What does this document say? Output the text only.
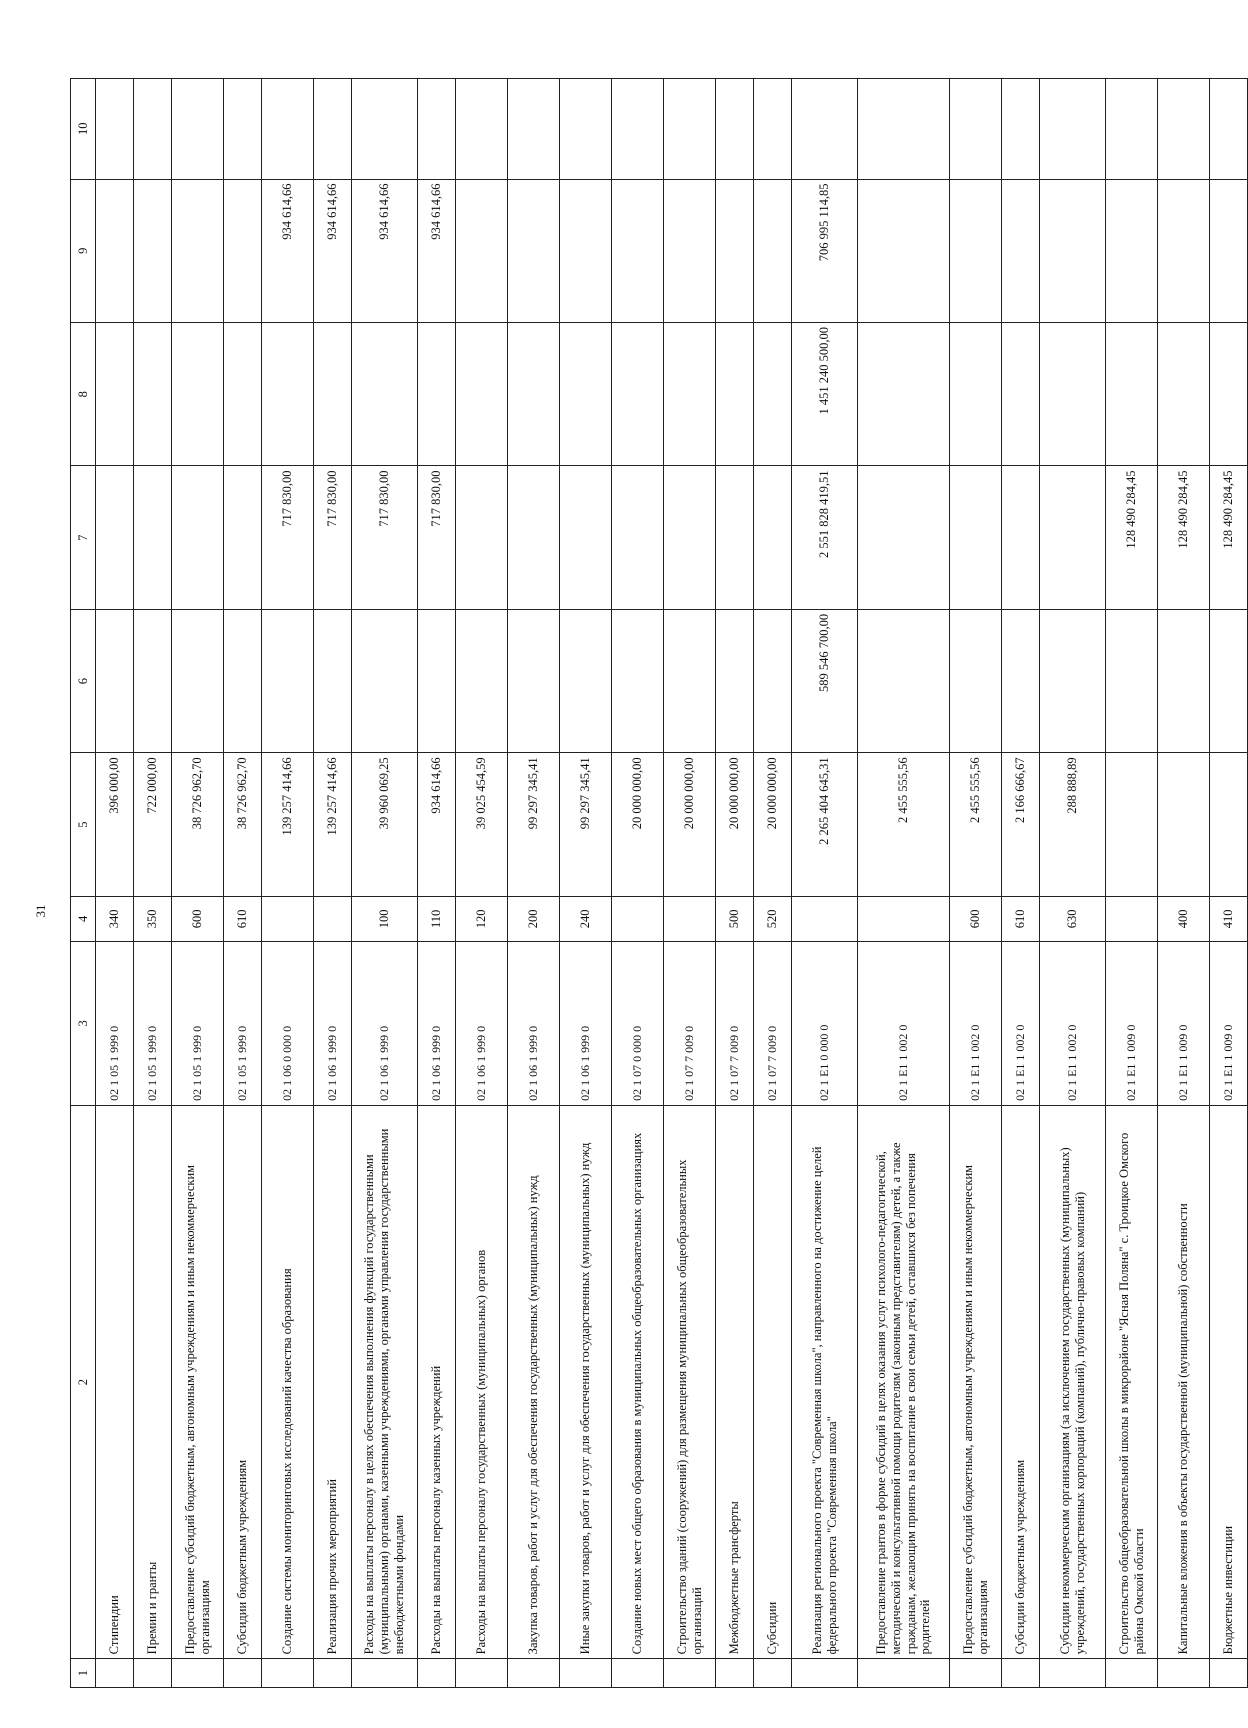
31
1	2	3	4	5	6	7	8	9	10
	Стипендии	02 1 05 1 999 0	340	396 000,00					
	Премии и гранты	02 1 05 1 999 0	350	722 000,00					
	Предоставление субсидий бюджетным, автономным учреждениям и иным некоммерческим организациям	02 1 05 1 999 0	600	38 726 962,70					
	Субсидии бюджетным учреждениям	02 1 05 1 999 0	610	38 726 962,70					
	Создание системы мониторинговых исследований качества образования	02 1 06 0 000 0		139 257 414,66		717 830,00		934 614,66	
	Реализация прочих мероприятий	02 1 06 1 999 0		139 257 414,66		717 830,00		934 614,66	
	Расходы на выплаты персоналу в целях обеспечения выполнения функций государственными (муниципальными) органами, казенными учреждениями, органами управления государственными внебюджетными фондами	02 1 06 1 999 0	100	39 960 069,25		717 830,00		934 614,66	
	Расходы на выплаты персоналу казенных учреждений	02 1 06 1 999 0	110	934 614,66		717 830,00		934 614,66	
	Расходы на выплаты персоналу государственных (муниципальных) органов	02 1 06 1 999 0	120	39 025 454,59					
	Закупка товаров, работ и услуг для обеспечения государственных (муниципальных) нужд	02 1 06 1 999 0	200	99 297 345,41					
	Иные закупки товаров, работ и услуг для обеспечения государственных (муниципальных) нужд	02 1 06 1 999 0	240	99 297 345,41					
	Создание новых мест общего образования в муниципальных общеобразовательных организациях	02 1 07 0 000 0		20 000 000,00					
	Строительство зданий (сооружений) для размещения муниципальных общеобразовательных организаций	02 1 07 7 009 0		20 000 000,00					
	Межбюджетные трансферты	02 1 07 7 009 0	500	20 000 000,00					
	Субсидии	02 1 07 7 009 0	520	20 000 000,00					
	Реализация регионального проекта "Современная школа", направленного на достижение целей федерального проекта "Современная школа"	02 1 E1 0 000 0		2 265 404 645,31	589 546 700,00	2 551 828 419,51	1 451 240 500,00	706 995 114,85	
	Предоставление грантов в форме субсидий в целях оказания услуг психолого-педагогической, методической и консультативной помощи родителям (законным представителям) детей, а также гражданам, желающим принять на воспитание в свои семьи детей, оставшихся без попечения родителей	02 1 E1 1 002 0		2 455 555,56					
	Предоставление субсидий бюджетным, автономным учреждениям и иным некоммерческим организациям	02 1 E1 1 002 0	600	2 455 555,56					
	Субсидии бюджетным учреждениям	02 1 E1 1 002 0	610	2 166 666,67					
	Субсидии некоммерческим организациям (за исключением государственных (муниципальных) учреждений, государственных корпораций (компаний), публично-правовых компаний)	02 1 E1 1 002 0	630	288 888,89					
	Строительство общеобразовательной школы в микрорайоне "Ясная Поляна" с. Троицкое Омского района Омской области	02 1 E1 1 009 0				128 490 284,45			
	Капитальные вложения в объекты государственной (муниципальной) собственности	02 1 E1 1 009 0	400			128 490 284,45			
	Бюджетные инвестиции	02 1 E1 1 009 0	410			128 490 284,45			
